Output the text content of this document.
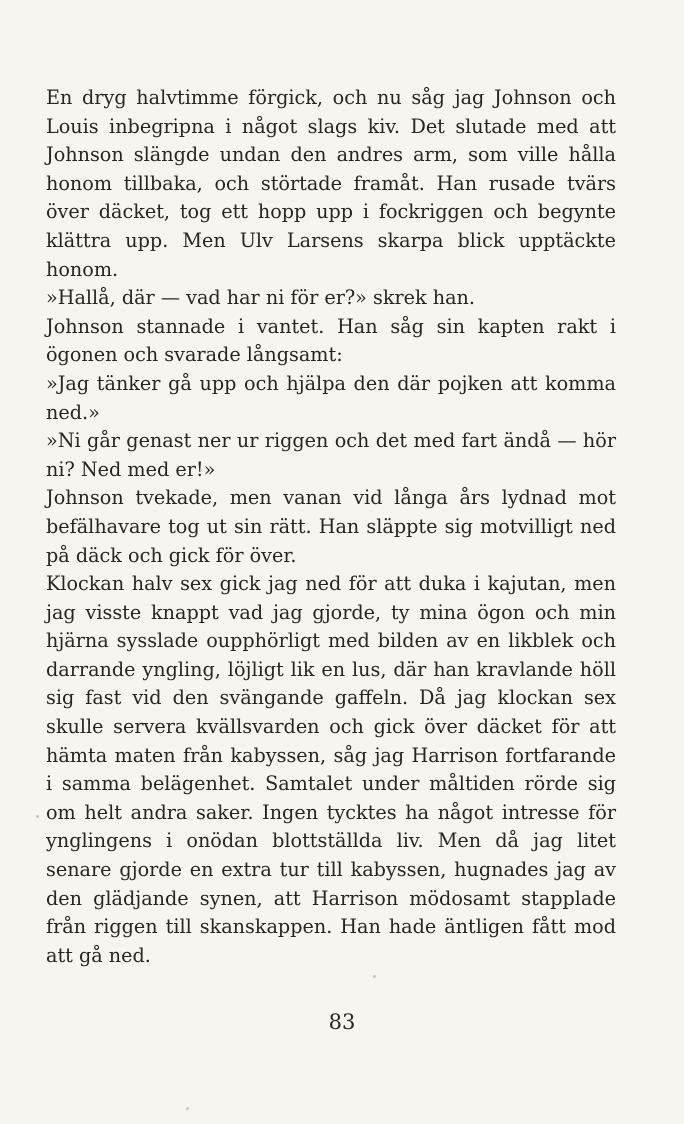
En dryg halvtimme förgick, och nu såg jag Johnson och Louis inbegripna i något slags kiv. Det slutade med att Johnson slängde undan den andres arm, som ville hålla honom tillbaka, och störtade framåt. Han rusade tvärs över däcket, tog ett hopp upp i fockriggen och begynte klättra upp. Men Ulv Larsens skarpa blick upptäckte honom.

»Hallå, där — vad har ni för er?» skrek han.

Johnson stannade i vantet. Han såg sin kapten rakt i ögonen och svarade långsamt:

»Jag tänker gå upp och hjälpa den där pojken att komma ned.»

»Ni går genast ner ur riggen och det med fart ändå — hör ni? Ned med er!»

Johnson tvekade, men vanan vid långa års lydnad mot befälhavare tog ut sin rätt. Han släppte sig motvilligt ned på däck och gick för över.

Klockan halv sex gick jag ned för att duka i kajutan, men jag visste knappt vad jag gjorde, ty mina ögon och min hjärna sysslade oupphörligt med bilden av en likblek och darrande yngling, löjligt lik en lus, där han kravlande höll sig fast vid den svängande gaffeln. Då jag klockan sex skulle servera kvällsvarden och gick över däcket för att hämta maten från kabyssen, såg jag Harrison fortfarande i samma belägenhet. Samtalet under måltiden rörde sig om helt andra saker. Ingen tycktes ha något intresse för ynglingens i onödan blottställda liv. Men då jag litet senare gjorde en extra tur till kabyssen, hugnades jag av den glädjande synen, att Harrison mödosamt stapplade från riggen till skanskappen. Han hade äntligen fått mod att gå ned.

83
